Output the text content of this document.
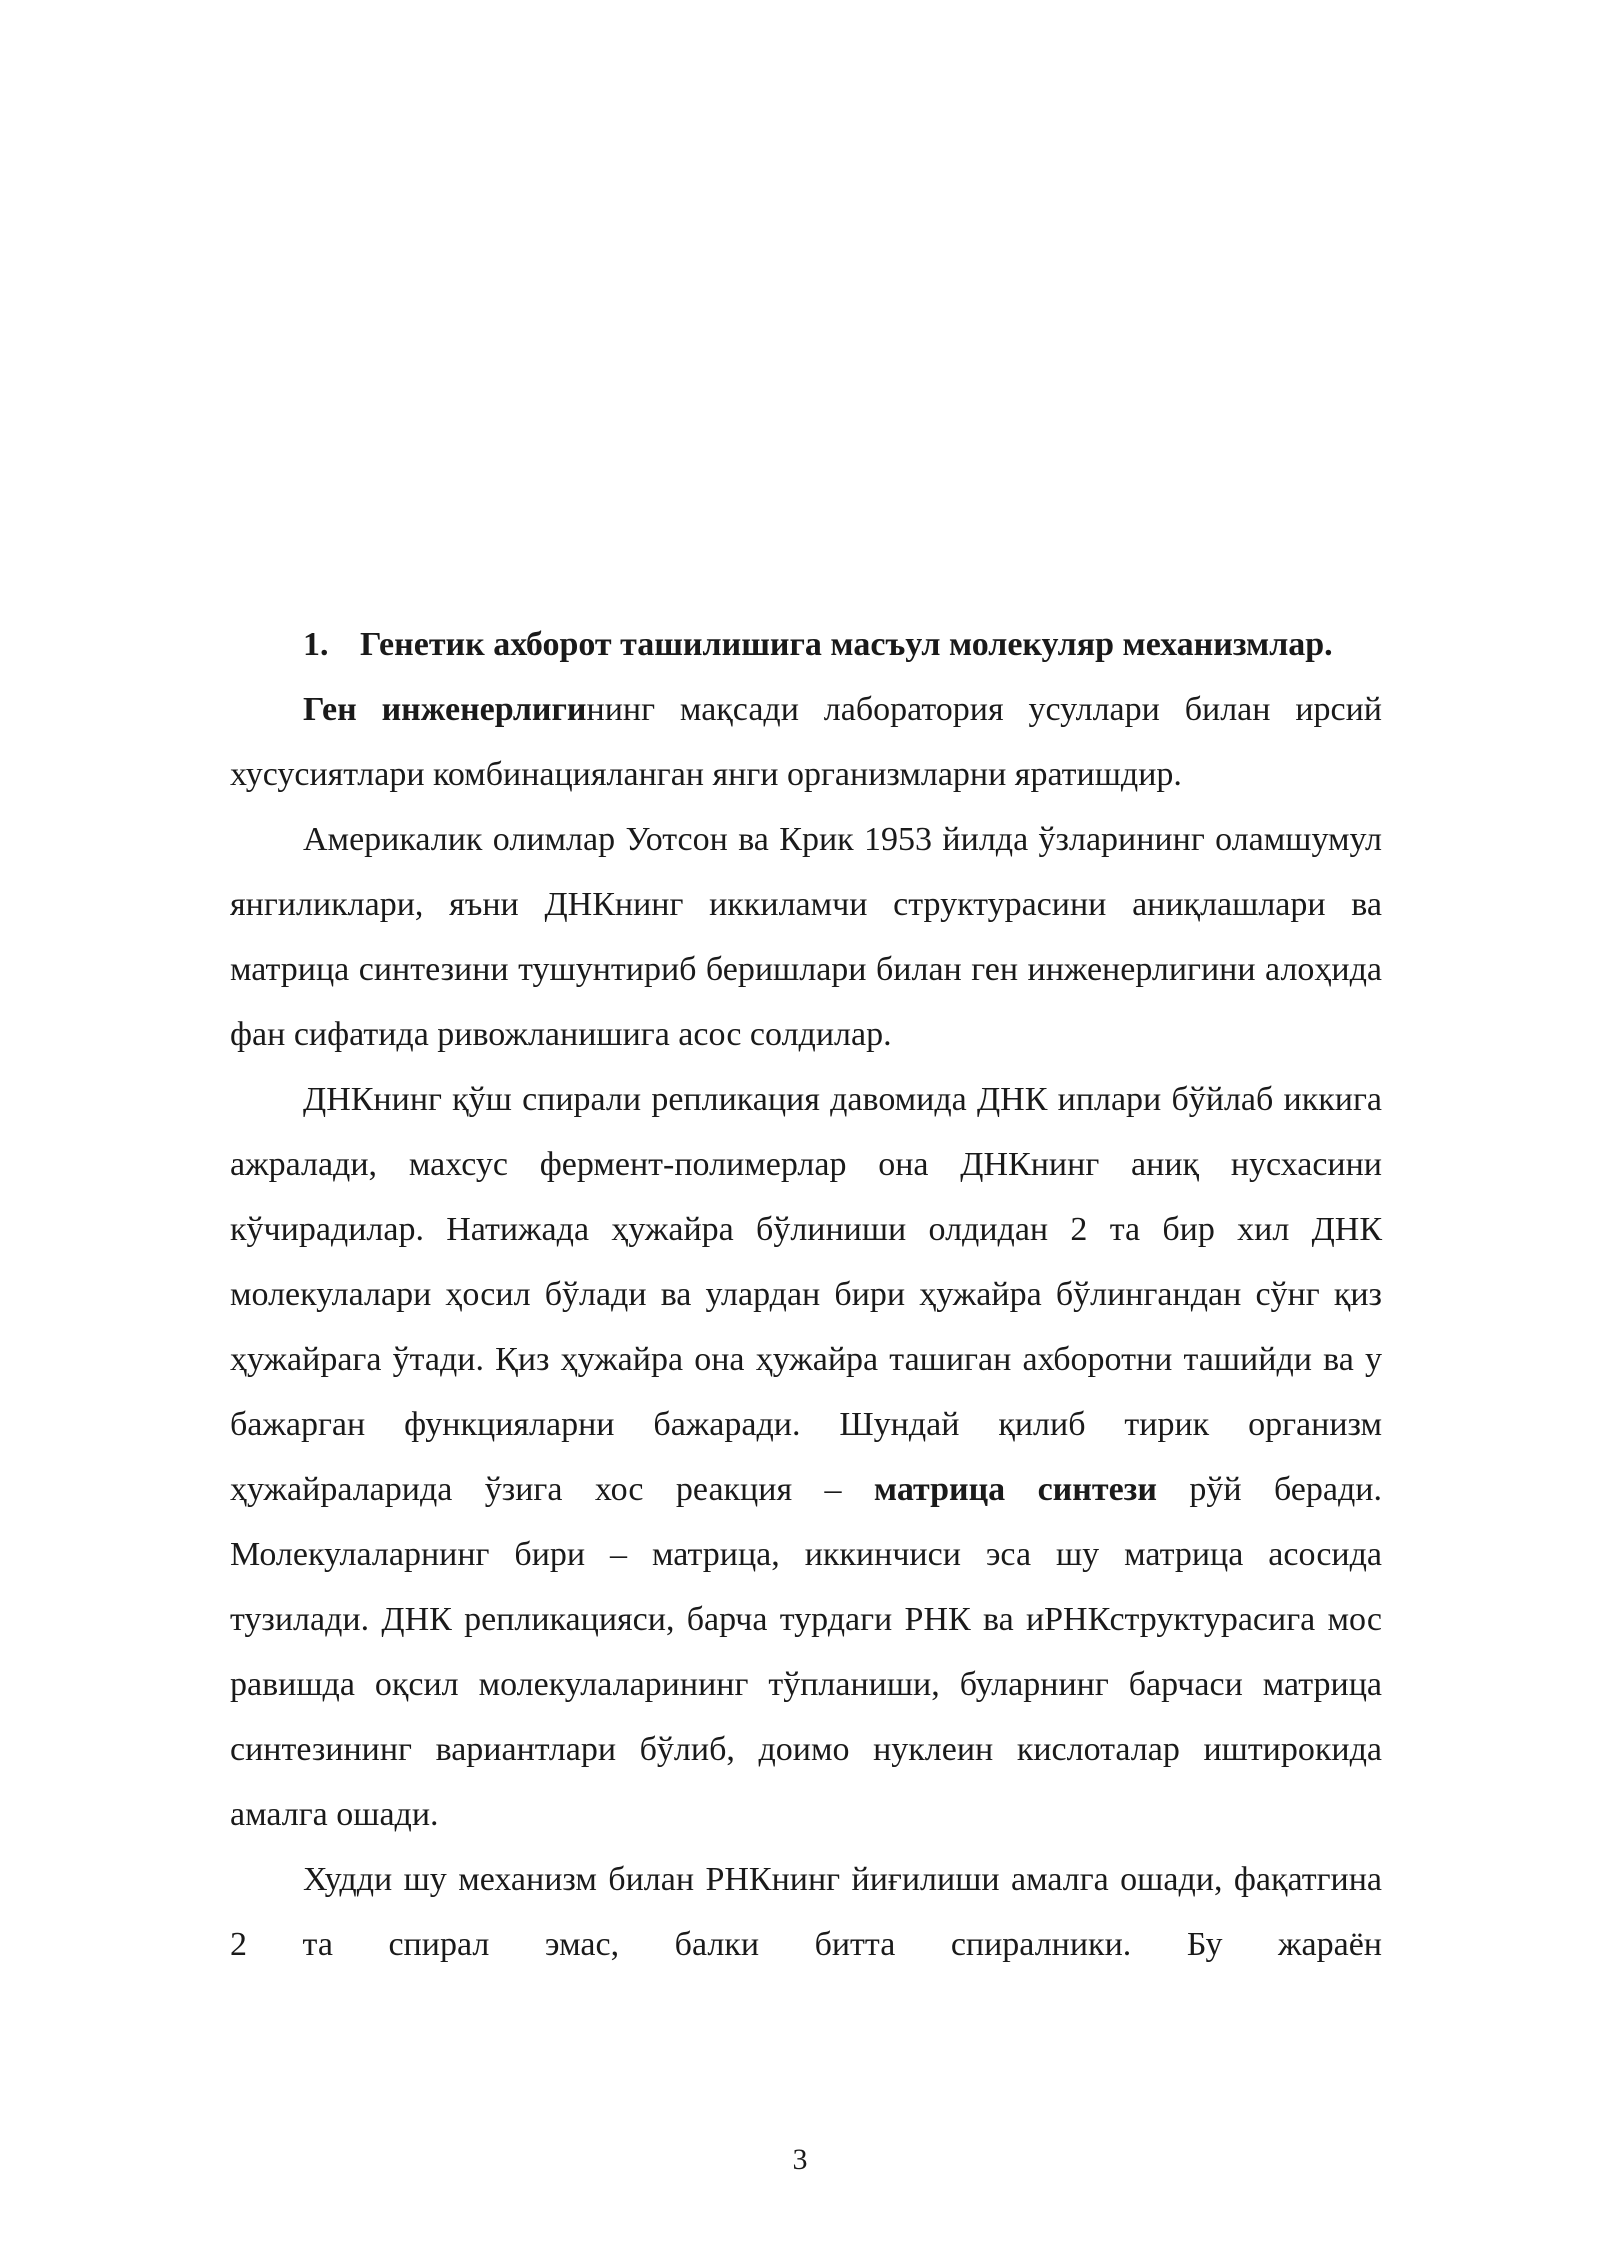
1. Генетик ахборот ташилишига масъул молекуляр механизмлар.

Ген инженерлигининг мақсади лаборатория усуллари билан ирсий хусусиятлари комбинацияланган янги организмларни яратишдир.

Америкалик олимлар Уотсон ва Крик 1953 йилда ўзларининг оламшумул янгиликлари, яъни ДНКнинг иккиламчи структурасини аниқлашлари ва матрица синтезини тушунтириб беришлари билан ген инженерлигини алоҳида фан сифатида ривожланишига асос солдилар.

ДНКнинг қўш спирали репликация давомида ДНК иплари бўйлаб иккига ажралади, махсус фермент-полимерлар она ДНКнинг аниқ нусхасини кўчирадилар. Натижада ҳужайра бўлиниши олдидан 2 та бир хил ДНК молекулалари ҳосил бўлади ва улардан бири ҳужайра бўлингандан сўнг қиз ҳужайрага ўтади. Қиз ҳужайра она ҳужайра ташиган ахборотни ташийди ва у бажарган функцияларни бажаради. Шундай қилиб тирик организм ҳужайраларида ўзига хос реакция – матрица синтези рўй беради. Молекулаларнинг бири – матрица, иккинчиси эса шу матрица асосида тузилади. ДНК репликацияси, барча турдаги РНК ва иРНКструктурасига мос равишда оқсил молекулаларининг тўпланиши, буларнинг барчаси матрица синтезининг вариантлари бўлиб, доимо нуклеин кислоталар иштирокида амалга ошади.

Худди шу механизм билан РНКнинг йиғилиши амалга ошади, фақатгина 2 та спирал эмас, балки битта спиралники. Бу жараён

3
